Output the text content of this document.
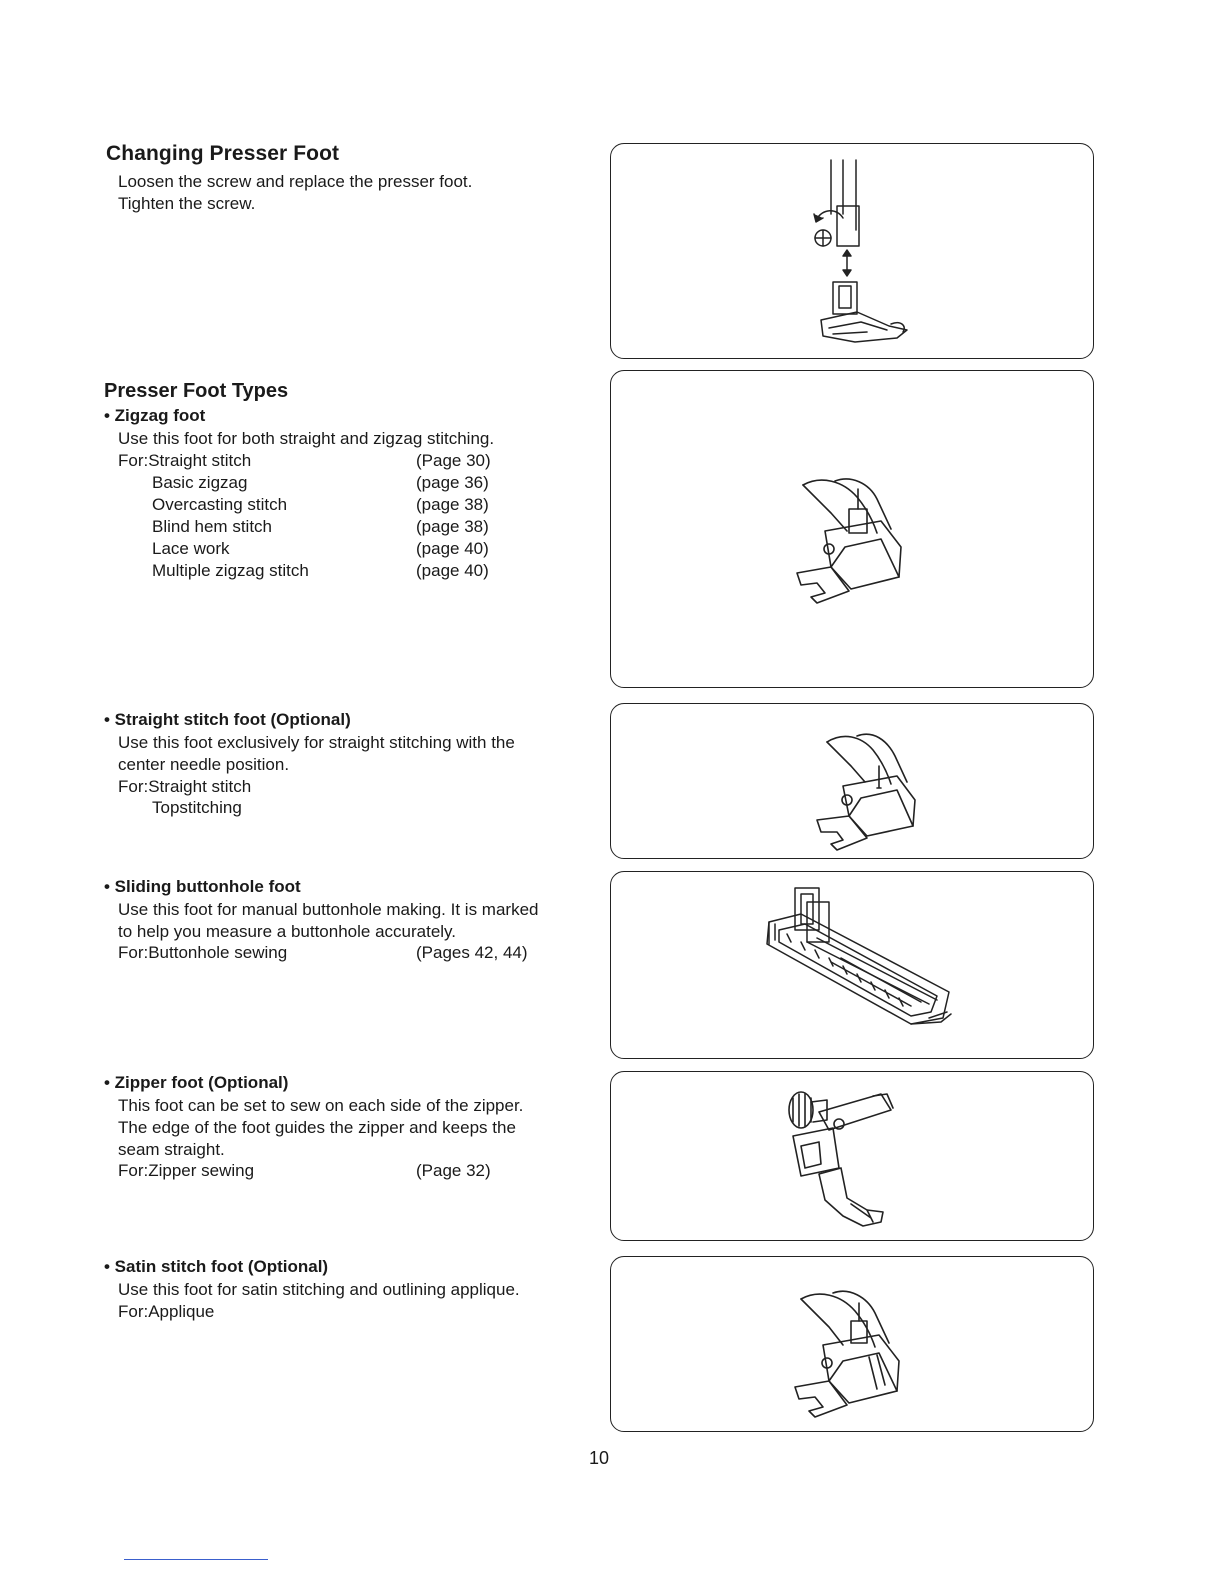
Changing Presser Foot
Loosen the screw and replace the presser foot.
Tighten the screw.
Presser Foot Types
• Zigzag foot
Use this foot for both straight and zigzag stitching.
For:Straight stitch	(Page 30)
Basic zigzag	(page 36)
Overcasting stitch	(page 38)
Blind hem stitch	(page 38)
Lace work	(page 40)
Multiple zigzag stitch	(page 40)
• Straight stitch foot (Optional)
Use this foot exclusively for straight stitching with the
center needle position.
For:Straight stitch
Topstitching
• Sliding buttonhole foot
Use this foot for manual buttonhole making. It is marked
to help you measure a buttonhole accurately.
For:Buttonhole sewing	(Pages 42, 44)
• Zipper foot (Optional)
This foot can be set to sew on each side of the zipper.
The edge of the foot guides the zipper and keeps the
seam straight.
For:Zipper sewing	(Page 32)
• Satin stitch foot (Optional)
Use this foot for satin stitching and outlining applique.
For:Applique
10
